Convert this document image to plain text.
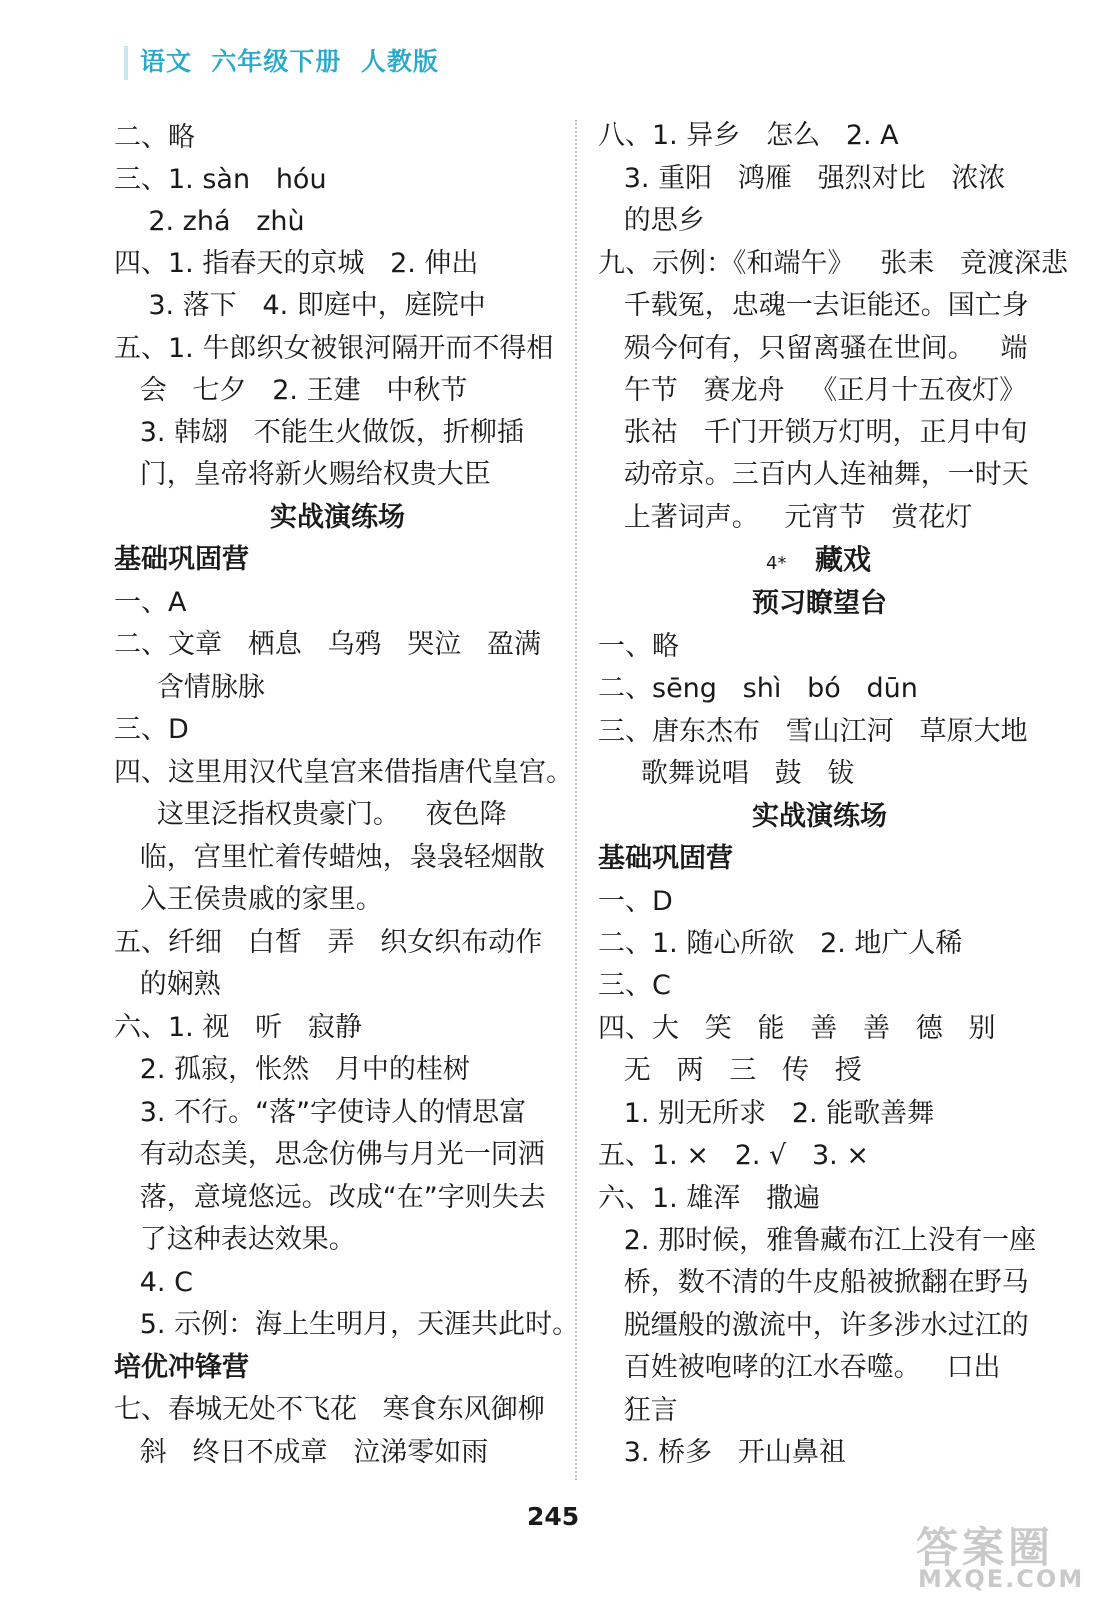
语文  六年级下册  人教版
二、略
三、1. sàn   hóu
2. zhá   zhù
四、1. 指春天的京城   2. 伸出
3. 落下   4. 即庭中，庭院中
五、1. 牛郎织女被银河隔开而不得相
会   七夕   2. 王建   中秋节
3. 韩翃   不能生火做饭，折柳插
门，皇帝将新火赐给权贵大臣
实战演练场
基础巩固营
一、A
二、文章   栖息   乌鸦   哭泣   盈满
含情脉脉
三、D
四、这里用汉代皇宫来借指唐代皇宫。
这里泛指权贵豪门。   夜色降
临，宫里忙着传蜡烛，袅袅轻烟散
入王侯贵戚的家里。
五、纤细   白皙   弄   织女织布动作
的娴熟
六、1. 视   听   寂静
2. 孤寂，怅然   月中的桂树
3. 不行。“落”字使诗人的情思富
有动态美，思念仿佛与月光一同洒
落，意境悠远。改成“在”字则失去
了这种表达效果。
4. C
5. 示例：海上生明月，天涯共此时。
培优冲锋营
七、春城无处不飞花   寒食东风御柳
斜   终日不成章   泣涕零如雨
八、1. 异乡   怎么   2. A
3. 重阳   鸿雁   强烈对比   浓浓
的思乡
九、示例：《和端午》   张耒   竞渡深悲
千载冤，忠魂一去讵能还。国亡身
殒今何有，只留离骚在世间。   端
午节   赛龙舟   《正月十五夜灯》
张祜   千门开锁万灯明，正月中旬
动帝京。三百内人连袖舞，一时天
上著词声。   元宵节   赏花灯
4* 藏戏
预习瞭望台
一、略
二、sēng   shì   bó   dūn
三、唐东杰布   雪山江河   草原大地
歌舞说唱   鼓   钹
实战演练场
基础巩固营
一、D
二、1. 随心所欲   2. 地广人稀
三、C
四、大   笑   能   善   善   德   别
无   两   三   传   授
1. 别无所求   2. 能歌善舞
五、1. ×   2. √   3. ×
六、1. 雄浑   撒遍
2. 那时候，雅鲁藏布江上没有一座
桥，数不清的牛皮船被掀翻在野马
脱缰般的激流中，许多涉水过江的
百姓被咆哮的江水吞噬。   口出
狂言
3. 桥多   开山鼻祖
245
答案圈
MXQE.COM
